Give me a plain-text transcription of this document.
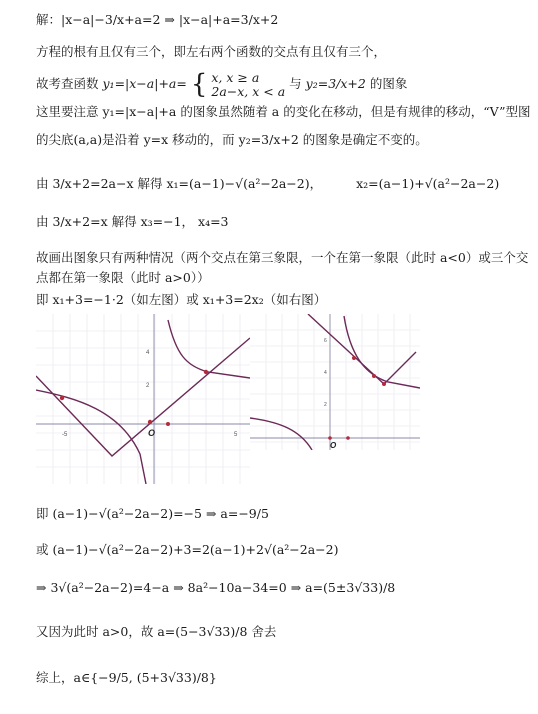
解：|x−a|−3/x+a=2 ⇒ |x−a|+a=3/x+2
方程的根有且仅有三个，即左右两个函数的交点有且仅有三个，
故考查函数 y₁=|x−a|+a= { x, x ≥ a
2a−x, x < a 与 y₂=3/x+2 的图象
这里要注意 y₁=|x−a|+a 的图象虽然随着 a 的变化在移动，但是有规律的移动，“V”型图
的尖底(a,a)是沿着 y=x 移动的，而 y₂=3/x+2 的图象是确定不变的。
由 3/x+2=2a−x 解得 x₁=(a−1)−√(a²−2a−2)，	x₂=(a−1)+√(a²−2a−2)
由 3/x+2=x 解得 x₃=−1， x₄=3
故画出图象只有两种情况（两个交点在第三象限，一个在第一象限（此时 a<0）或三个交
点都在第一象限（此时 a>0））
即 x₁+3=−1·2（如左图）或 x₁+3=2x₂（如右图）
-5	5
4
2
O
6
4
2
O
即 (a−1)−√(a²−2a−2)=−5 ⇒ a=−9/5
或 (a−1)−√(a²−2a−2)+3=2(a−1)+2√(a²−2a−2)
⇒ 3√(a²−2a−2)=4−a ⇒ 8a²−10a−34=0 ⇒ a=(5±3√33)/8
又因为此时 a>0，故 a=(5−3√33)/8 舍去
综上，a∈{−9/5, (5+3√33)/8}
